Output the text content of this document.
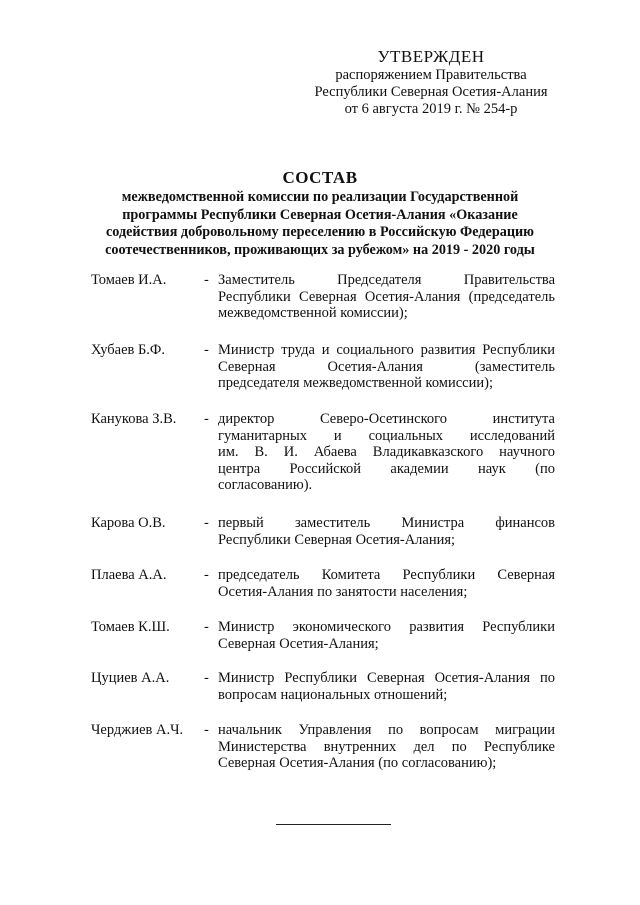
УТВЕРЖДЕН
распоряжением Правительства
Республики Северная Осетия-Алания
от 6 августа 2019 г. № 254-р
СОСТАВ
межведомственной комиссии по реализации Государственной
программы Республики Северная Осетия-Алания «Оказание
содействия добровольному переселению в Российскую Федерацию
соотечественников, проживающих за рубежом» на 2019 - 2020 годы
Томаев И.А.	- Заместитель Председателя Правительства
Республики Северная Осетия-Алания (председатель
межведомственной комиссии);
Хубаев Б.Ф.	- Министр труда и социального развития Республики
Северная Осетия-Алания (заместитель
председателя межведомственной комиссии);
Канукова З.В.	- директор Северо-Осетинского института
гуманитарных и социальных исследований
им. В. И. Абаева Владикавказского научного
центра Российской академии наук (по
согласованию).
Карова О.В.	- первый заместитель Министра финансов
Республики Северная Осетия-Алания;
Плаева А.А.	- председатель Комитета Республики Северная
Осетия-Алания по занятости населения;
Томаев К.Ш.	- Министр экономического развития Республики
Северная Осетия-Алания;
Цуциев А.А.	- Министр Республики Северная Осетия-Алания по
вопросам национальных отношений;
Черджиев А.Ч.	- начальник Управления по вопросам миграции
Министерства внутренних дел по Республике
Северная Осетия-Алания (по согласованию);
